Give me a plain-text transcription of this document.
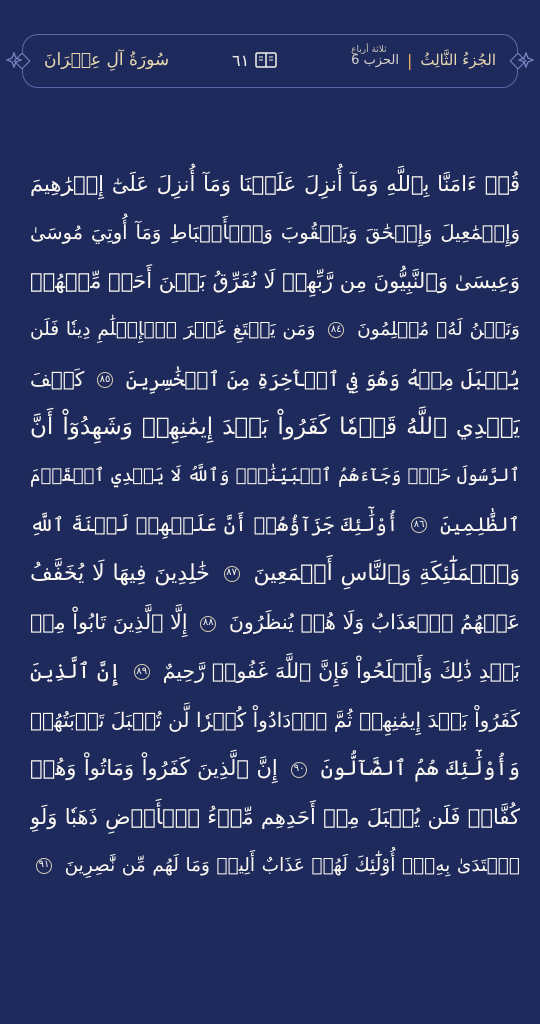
سُورَةُ آلِ عِمۡرَانَ	٦١	الجُزءُ الثَّالِثُ
|
ثلاثة أرباع
الحزب 6
قُلۡ ءَامَنَّا بِٱللَّهِ وَمَآ أُنزِلَ عَلَيۡنَا وَمَآ أُنزِلَ عَلَىٰٓ إِبۡرَٰهِيمَ
وَإِسۡمَٰعِيلَ وَإِسۡحَٰقَ وَيَعۡقُوبَ وَٱلۡأَسۡبَاطِ وَمَآ أُوتِيَ مُوسَىٰ
وَعِيسَىٰ وَٱلنَّبِيُّونَ مِن رَّبِّهِمۡ لَا نُفَرِّقُ بَيۡنَ أَحَدٖ مِّنۡهُمۡ
وَنَحۡنُ لَهُۥ مُسۡلِمُونَ ٨٤ وَمَن يَبۡتَغِ غَيۡرَ ٱلۡإِسۡلَٰمِ دِينٗا فَلَن
يُقۡبَلَ مِنۡهُ وَهُوَ فِي ٱلۡأٓخِرَةِ مِنَ ٱلۡخَٰسِرِينَ ٨٥ كَيۡفَ
يَهۡدِي ٱللَّهُ قَوۡمٗا كَفَرُواْ بَعۡدَ إِيمَٰنِهِمۡ وَشَهِدُوٓاْ أَنَّ
ٱلرَّسُولَ حَقّٞ وَجَآءَهُمُ ٱلۡبَيِّنَٰتُۚ وَٱللَّهُ لَا يَهۡدِي ٱلۡقَوۡمَ
ٱلظَّٰلِمِينَ ٨٦ أُوْلَٰٓئِكَ جَزَآؤُهُمۡ أَنَّ عَلَيۡهِمۡ لَعۡنَةَ ٱللَّهِ
وَٱلۡمَلَٰٓئِكَةِ وَٱلنَّاسِ أَجۡمَعِينَ ٨٧ خَٰلِدِينَ فِيهَا لَا يُخَفَّفُ
عَنۡهُمُ ٱلۡعَذَابُ وَلَا هُمۡ يُنظَرُونَ ٨٨ إِلَّا ٱلَّذِينَ تَابُواْ مِنۢ
بَعۡدِ ذَٰلِكَ وَأَصۡلَحُواْ فَإِنَّ ٱللَّهَ غَفُورٞ رَّحِيمٌ ٨٩ إِنَّ ٱلَّذِينَ
كَفَرُواْ بَعۡدَ إِيمَٰنِهِمۡ ثُمَّ ٱزۡدَادُواْ كُفۡرٗا لَّن تُقۡبَلَ تَوۡبَتُهُمۡ
وَأُوْلَٰٓئِكَ هُمُ ٱلضَّآلُّونَ ٩٠ إِنَّ ٱلَّذِينَ كَفَرُواْ وَمَاتُواْ وَهُمۡ
كُفَّارٞ فَلَن يُقۡبَلَ مِنۡ أَحَدِهِم مِّلۡءُ ٱلۡأَرۡضِ ذَهَبٗا وَلَوِ
ٱفۡتَدَىٰ بِهِۦٓۗ أُوْلَٰٓئِكَ لَهُمۡ عَذَابٌ أَلِيمٞ وَمَا لَهُم مِّن نَّٰصِرِينَ ٩١
